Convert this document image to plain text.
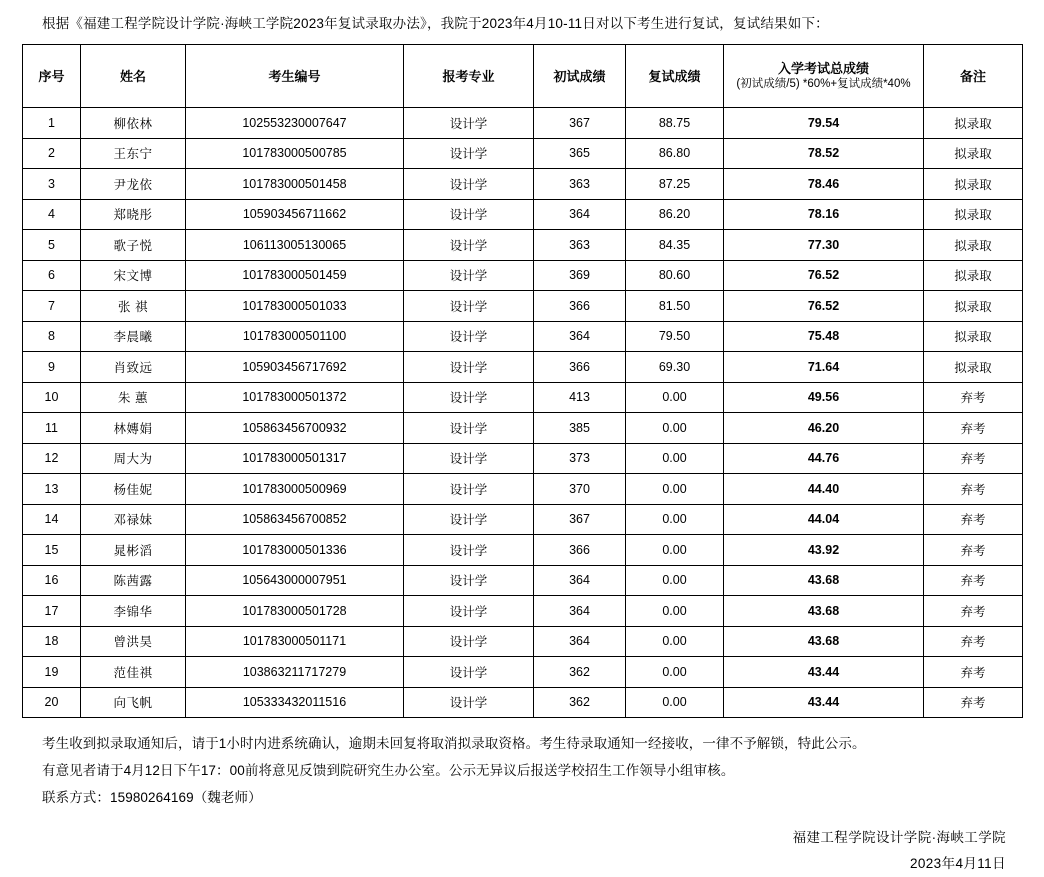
根据《福建工程学院设计学院·海峡工学院2023年复试录取办法》，我院于2023年4月10-11日对以下考生进行复试，复试结果如下：

序号	姓名	考生编号	报考专业	初试成绩	复试成绩	入学考试总成绩
(初试成绩/5) *60%+复试成绩*40%	备注
1	柳依林	102553230007647	设计学	367	88.75	79.54	拟录取
2	王东宁	101783000500785	设计学	365	86.80	78.52	拟录取
3	尹龙依	101783000501458	设计学	363	87.25	78.46	拟录取
4	郑晓彤	105903456711662	设计学	364	86.20	78.16	拟录取
5	歌子悦	106113005130065	设计学	363	84.35	77.30	拟录取
6	宋文博	101783000501459	设计学	369	80.60	76.52	拟录取
7	张 祺	101783000501033	设计学	366	81.50	76.52	拟录取
8	李晨曦	101783000501100	设计学	364	79.50	75.48	拟录取
9	肖致远	105903456717692	设计学	366	69.30	71.64	拟录取
10	朱 蕙	101783000501372	设计学	413	0.00	49.56	弃考
11	林嫥娟	105863456700932	设计学	385	0.00	46.20	弃考
12	周大为	101783000501317	设计学	373	0.00	44.76	弃考
13	杨佳妮	101783000500969	设计学	370	0.00	44.40	弃考
14	邓禄妹	105863456700852	设计学	367	0.00	44.04	弃考
15	晁彬滔	101783000501336	设计学	366	0.00	43.92	弃考
16	陈茜露	105643000007951	设计学	364	0.00	43.68	弃考
17	李锦华	101783000501728	设计学	364	0.00	43.68	弃考
18	曾洪昊	101783000501171	设计学	364	0.00	43.68	弃考
19	范佳祺	103863211717279	设计学	362	0.00	43.44	弃考
20	向飞帆	105333432011516	设计学	362	0.00	43.44	弃考

考生收到拟录取通知后，请于1小时内进系统确认，逾期未回复将取消拟录取资格。考生待录取通知一经接收，一律不予解锁，特此公示。

有意见者请于4月12日下午17：00前将意见反馈到院研究生办公室。公示无异议后报送学校招生工作领导小组审核。

联系方式：15980264169（魏老师）

福建工程学院设计学院·海峡工学院
2023年4月11日
